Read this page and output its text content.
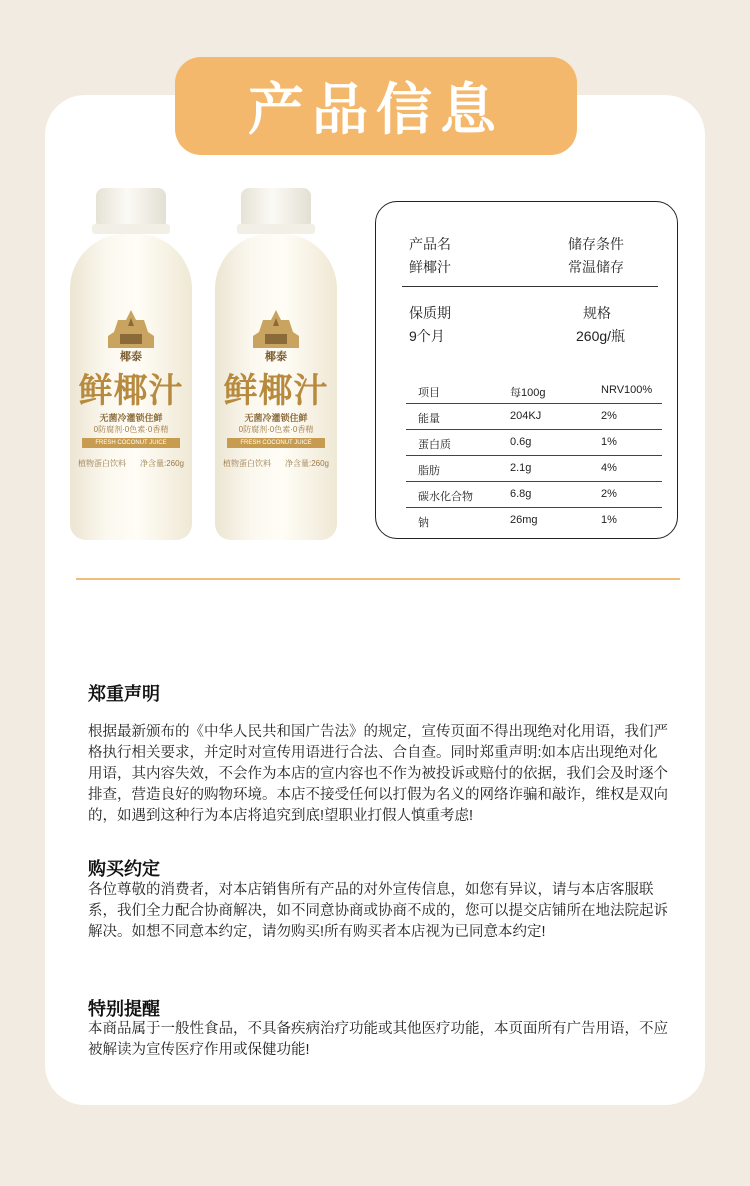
产品信息
椰泰
鲜椰汁
无菌冷灌锁住鲜
0防腐剂·0色素·0香精
FRESH COCONUT JUICE
植物蛋白饮料 净含量:260g
椰泰
鲜椰汁
无菌冷灌锁住鲜
0防腐剂·0色素·0香精
FRESH COCONUT JUICE
植物蛋白饮料 净含量:260g
产品名
鲜椰汁
储存条件
常温储存
保质期
9个月
规格
260g/瓶
项目	每100g	NRV100%
能量	204KJ	2%
蛋白质	0.6g	1%
脂肪	2.1g	4%
碳水化合物	6.8g	2%
钠	26mg	1%
郑重声明
根据最新颁布的《中华人民共和国广告法》的规定，宣传页面不得出现绝对化用语，我们严格执行相关要求，并定时对宣传用语进行合法、合自查。同时郑重声明:如本店出现绝对化用语，其内容失效，不会作为本店的宣内容也不作为被投诉或赔付的依据，我们会及时逐个排查，营造良好的购物环境。本店不接受任何以打假为名义的网络诈骗和敲诈，维权是双向的，如遇到这种行为本店将追究到底!望职业打假人慎重考虑!
购买约定
各位尊敬的消费者，对本店销售所有产品的对外宣传信息，如您有异议，请与本店客服联系，我们全力配合协商解决，如不同意协商或协商不成的，您可以提交店铺所在地法院起诉解决。如想不同意本约定，请勿购买!所有购买者本店视为已同意本约定!
特别提醒
本商品属于一般性食品，不具备疾病治疗功能或其他医疗功能，本页面所有广告用语，不应被解读为宣传医疗作用或保健功能!
